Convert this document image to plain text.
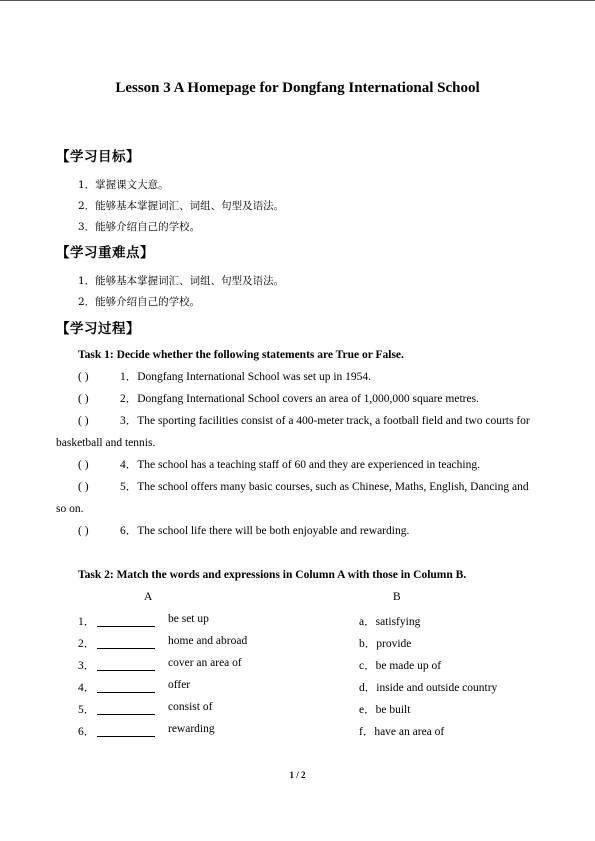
Lesson 3 A Homepage for Dongfang International School
【学习目标】
1．掌握课文大意。
2．能够基本掌握词汇、词组、句型及语法。
3．能够介绍自己的学校。
【学习重难点】
1．能够基本掌握词汇、词组、句型及语法。
2．能够介绍自己的学校。
【学习过程】
Task 1: Decide whether the following statements are True or False.
( )	1．Dongfang International School was set up in 1954.
( )	2．Dongfang International School covers an area of 1,000,000 square metres.
( )	3．The sporting facilities consist of a 400-meter track, a football field and two courts for
basketball and tennis.
( )	4．The school has a teaching staff of 60 and they are experienced in teaching.
( )	5．The school offers many basic courses, such as Chinese, Maths, English, Dancing and
so on.
( )	6．The school life there will be both enjoyable and rewarding.
Task 2: Match the words and expressions in Column A with those in Column B.
A	B
1．	be set up	a．satisfying
2．	home and abroad	b．provide
3．	cover an area of	c．be made up of
4．	offer	d．inside and outside country
5．	consist of	e．be built
6．	rewarding	f．have an area of
1 / 2
